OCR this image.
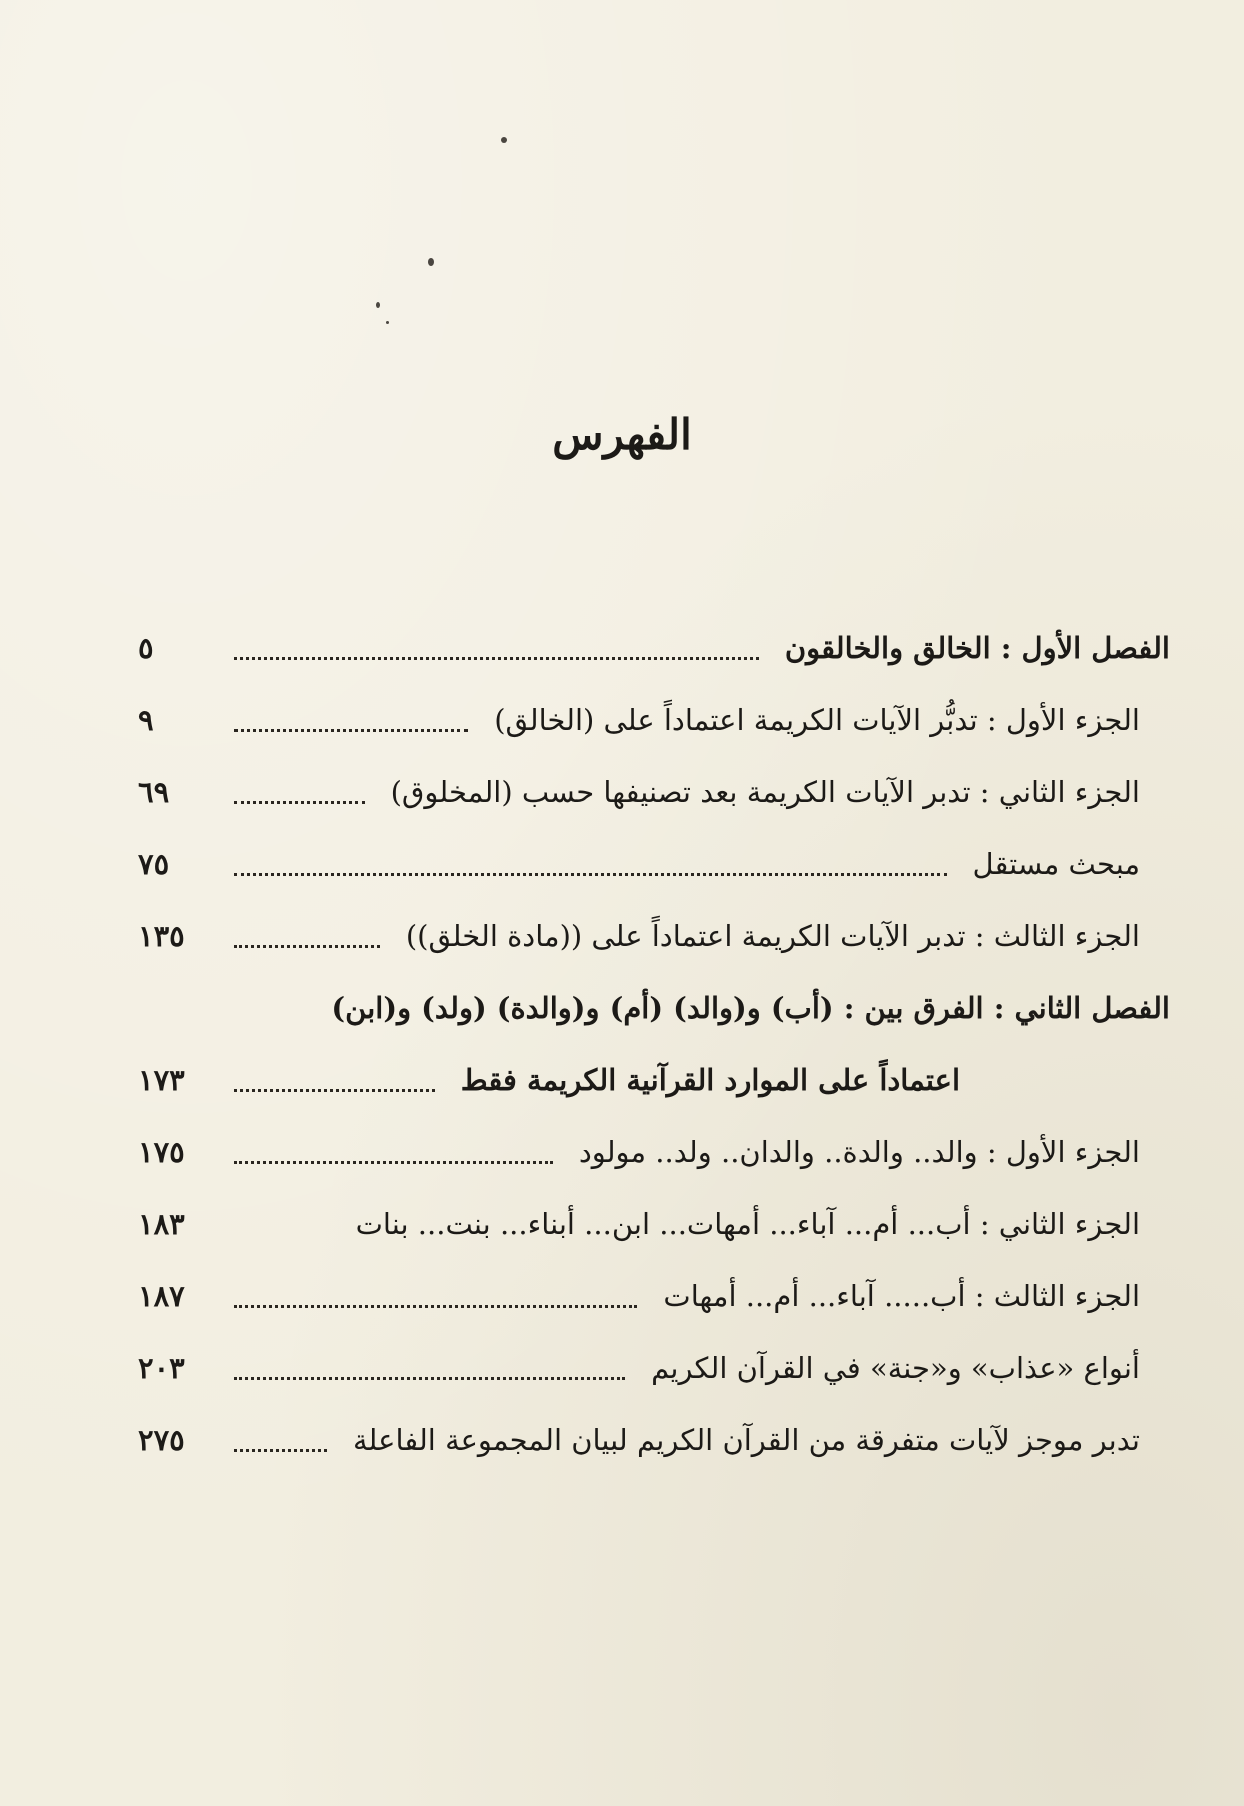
الفهرس
الفصل الأول : الخالق والخالقون
٥
الجزء الأول : تدبُّر الآيات الكريمة اعتماداً على (الخالق)
٩
الجزء الثاني : تدبر الآيات الكريمة بعد تصنيفها حسب (المخلوق)
٦٩
مبحث مستقل
٧٥
الجزء الثالث : تدبر الآيات الكريمة اعتماداً على ((مادة الخلق))
١٣٥
الفصل الثاني : الفرق بين : (أب) و(والد) (أم) و(والدة) (ولد) و(ابن)
اعتماداً على الموارد القرآنية الكريمة فقط
١٧٣
الجزء الأول : والد.. والدة.. والدان.. ولد.. مولود
١٧٥
الجزء الثاني : أب... أم... آباء... أمهات... ابن... أبناء... بنت... بنات
١٨٣
الجزء الثالث : أب..... آباء... أم... أمهات
١٨٧
أنواع «عذاب» و«جنة» في القرآن الكريم
٢٠٣
تدبر موجز لآيات متفرقة من القرآن الكريم لبيان المجموعة الفاعلة
٢٧٥
